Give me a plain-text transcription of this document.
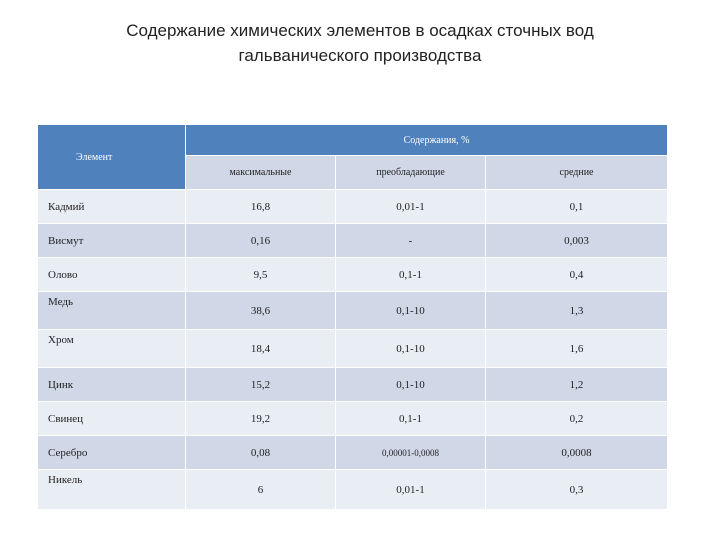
Содержание химических элементов в осадках сточных вод
гальванического производства
Элемент	Содержания, %		
	максимальные	преобладающие	средние
Кадмий	16,8	0,01-1	0,1
Висмут	0,16	-	0,003
Олово	9,5	0,1-1	0,4
Медь	38,6	0,1-10	1,3
Хром	18,4	0,1-10	1,6
Цинк	15,2	0,1-10	1,2
Свинец	19,2	0,1-1	0,2
Серебро	0,08	0,00001-0,0008	0,0008
Никель	6	0,01-1	0,3
